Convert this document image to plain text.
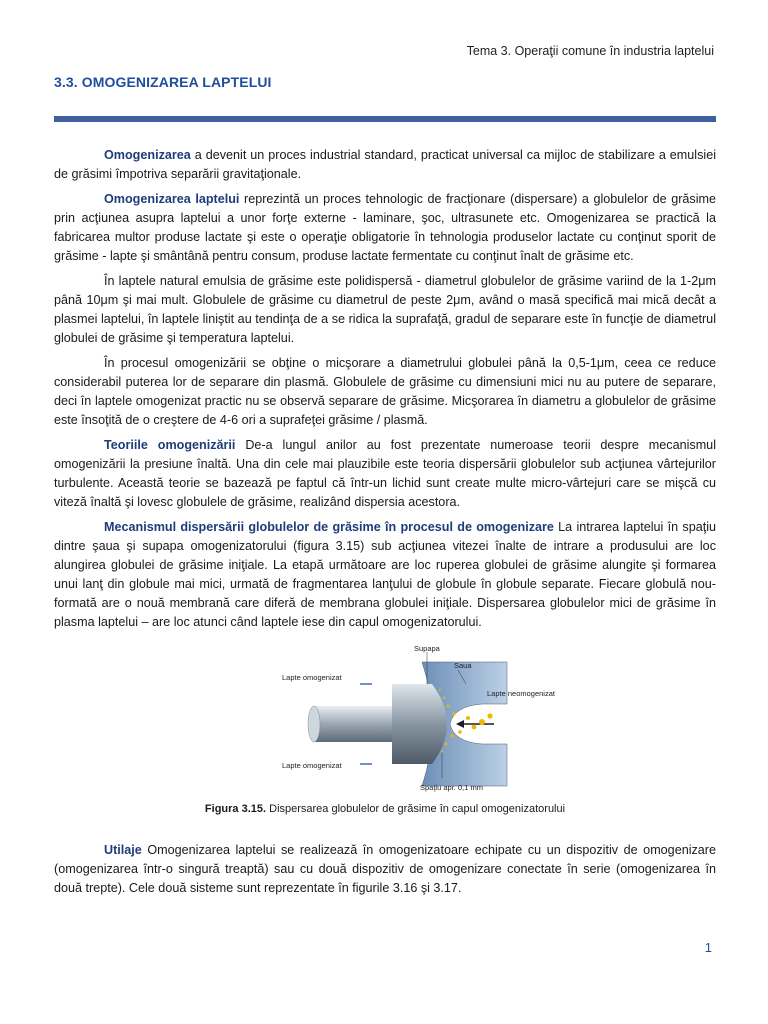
Tema 3. Operaţii comune în industria laptelui
3.3. OMOGENIZAREA LAPTELUI

Omogenizarea a devenit un proces industrial standard, practicat universal ca mijloc de stabilizare a emulsiei de grăsimi împotriva separării gravitaţionale.

Omogenizarea laptelui reprezintă un proces tehnologic de fracţionare (dispersare) a globulelor de grăsime prin acţiunea asupra laptelui a unor forţe externe - laminare, şoc, ultrasunete etc. Omogenizarea se practică la fabricarea multor produse lactate şi este o operaţie obligatorie în tehnologia produselor lactate cu conţinut sporit de grăsime - lapte şi smântână pentru consum, produse lactate fermentate cu conţinut înalt de grăsime etc.

În laptele natural emulsia de grăsime este polidispersă - diametrul globulelor de grăsime variind de la 1-2μm până 10μm şi mai mult. Globulele de grăsime cu diametrul de peste 2μm, având o masă specifică mai mică decât a plasmei laptelui, în laptele liniştit au tendinţa de a se ridica la suprafaţă, gradul de separare este în funcţie de diametrul globulei de grăsime şi temperatura laptelui.

În procesul omogenizării se obţine o micşorare a diametrului globulei până la 0,5-1μm, ceea ce reduce considerabil puterea lor de separare din plasmă. Globulele de grăsime cu dimensiuni mici nu au putere de separare, deci în laptele omogenizat practic nu se observă separare de grăsime. Micşorarea în diametru a globulelor de grăsime este însoţită de o creştere de 4-6 ori a suprafeţei grăsime / plasmă.

Teoriile omogenizării De-a lungul anilor au fost prezentate numeroase teorii despre mecanismul omogenizării la presiune înaltă. Una din cele mai plauzibile este teoria dispersării globulelor sub acţiunea vârtejurilor turbulente. Această teorie se bazează pe faptul că într-un lichid sunt create multe micro-vârtejuri care se mişcă cu viteză înaltă şi lovesc globulele de grăsime, realizând dispersia acestora.

Mecanismul dispersării globulelor de grăsime în procesul de omogenizare La intrarea laptelui în spaţiu dintre şaua şi supapa omogenizatorului (figura 3.15) sub acţiunea vitezei înalte de intrare a produsului are loc alungirea globulei de grăsime iniţiale. La etapă următoare are loc ruperea globulei de grăsime alungite şi formarea unui lanţ din globule mai mici, urmată de fragmentarea lanţului de globule în globule separate. Fiecare globulă nou-formată are o nouă membrană care diferă de membrana globulei iniţiale. Dispersarea globulelor mici de grăsime în plasma laptelui – are loc atunci când laptele iese din capul omogenizatorului.

Supapa
Saua
Lapte omogenizat
Lapte omogenizat
Lapte neomogenizat
Spaţiu apr. 0,1 mm
Figura 3.15. Dispersarea globulelor de grăsime în capul omogenizatorului

Utilaje Omogenizarea laptelui se realizează în omogenizatoare echipate cu un dispozitiv de omogenizare (omogenizarea într-o singură treaptă) sau cu două dispozitiv de omogenizare conectate în serie (omogenizarea în două trepte). Cele două sisteme sunt reprezentate în figurile 3.16 şi 3.17.

1
